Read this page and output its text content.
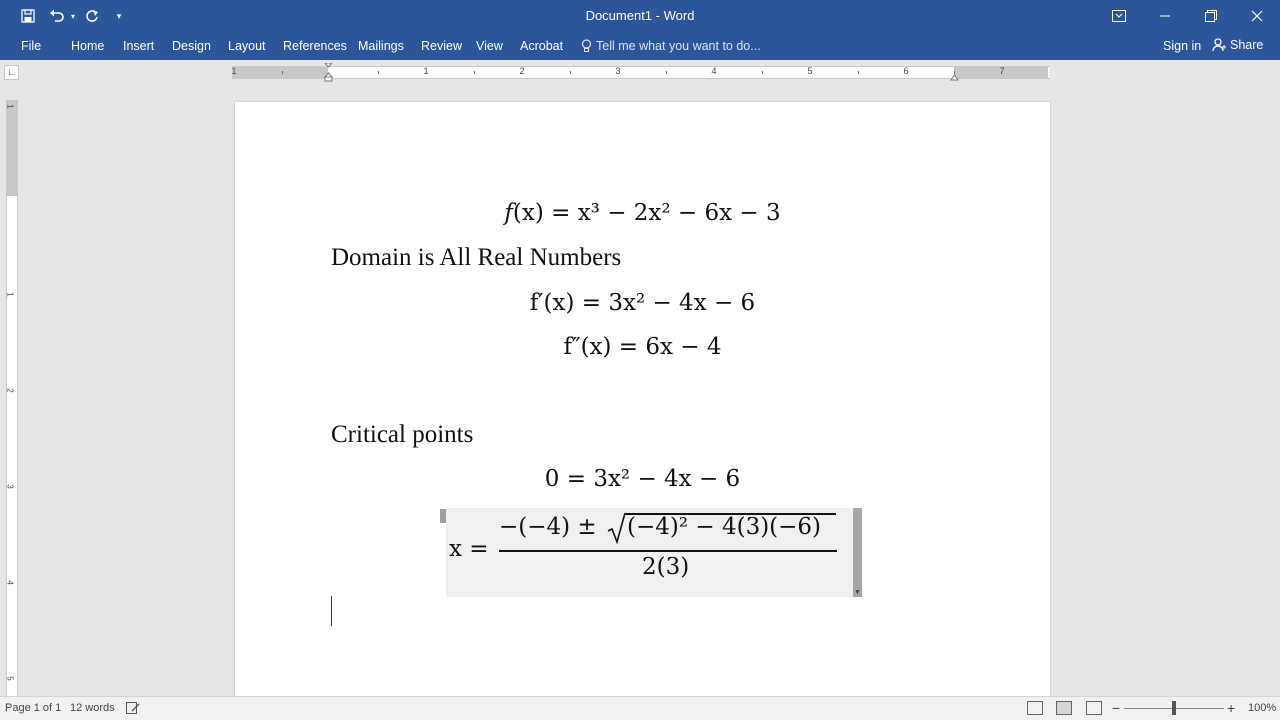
▾	▾	Document1 - Word
File Home Insert Design Layout References Mailings Review View Acrobat	Tell me what you want to do...	Sign in Share
∟	1	1	2	3	4	5	6	7
1
1
2
3
4
5
f(x) = x³ − 2x² − 6x − 3
Domain is All Real Numbers
f′(x) = 3x² − 4x − 6
f″(x) = 6x − 4
Critical points
0 = 3x² − 4x − 6
▼
x =
−(−4) ± (−4)² − 4(3)(−6)
2(3)
Page 1 of 1 12 words	−	+ 100%
